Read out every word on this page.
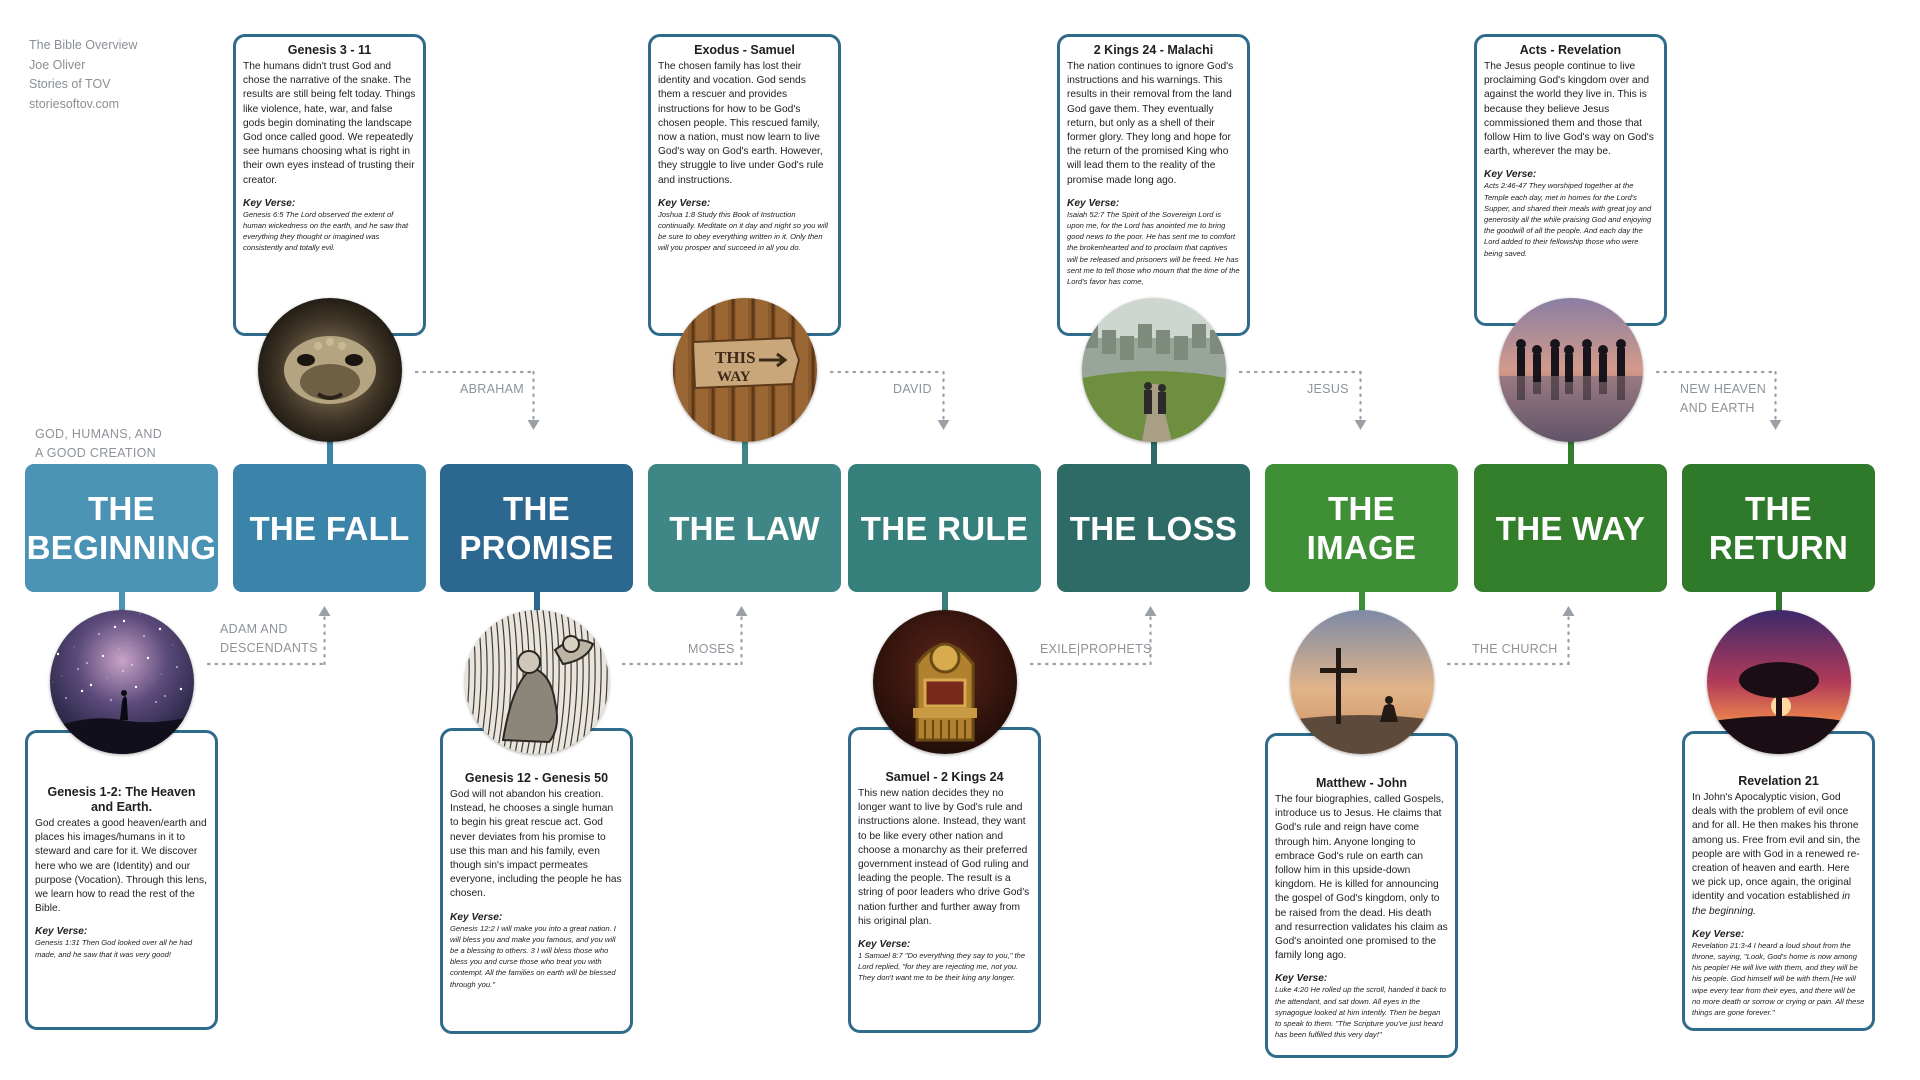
The Bible Overview
Joe Oliver
Stories of TOV
storiesoftov.com
GOD, HUMANS, AND
A GOOD CREATION
THE
BEGINNING
Genesis 1-2: The Heaven and Earth.
God creates a good heaven/earth and places his images/humans in it to steward and care for it. We discover here who we are (Identity) and our purpose (Vocation). Through this lens, we learn how to read the rest of the Bible.
Key Verse:
Genesis 1:31 Then God looked over all he had made, and he saw that it was very good!
THE FALL
Genesis 3 - 11
The humans didn't trust God and chose the narrative of the snake. The results are still being felt today. Things like violence, hate, war, and false gods begin dominating the landscape God once called good. We repeatedly see humans choosing what is right in their own eyes instead of trusting their creator.
Key Verse:
Genesis 6:5 The Lord observed the extent of human wickedness on the earth, and he saw that everything they thought or imagined was consistently and totally evil.
THE
PROMISE
Genesis 12 - Genesis 50
God will not abandon his creation. Instead, he chooses a single human to begin his great rescue act. God never deviates from his promise to use this man and his family, even though sin's impact permeates everyone, including the people he has chosen.
Key Verse:
Genesis 12:2 I will make you into a great nation. I will bless you and make you famous, and you will be a blessing to others. 3 I will bless those who bless you and curse those who treat you with contempt. All the families on earth will be blessed through you."
THE LAW
Exodus - Samuel
The chosen family has lost their identity and vocation. God sends them a rescuer and provides instructions for how to be God's chosen people. This rescued family, now a nation, must now learn to live God's way on God's earth. However, they struggle to live under God's rule and instructions.
Key Verse:
Joshua 1:8 Study this Book of Instruction continually. Meditate on it day and night so you will be sure to obey everything written in it. Only then will you prosper and succeed in all you do.
THIS
WAY
THE RULE
Samuel - 2 Kings 24
This new nation decides they no longer want to live by God's rule and instructions alone. Instead, they want to be like every other nation and choose a monarchy as their preferred government instead of God ruling and leading the people. The result is a string of poor leaders who drive God's nation further and further away from his original plan.
Key Verse:
1 Samuel 8:7 "Do everything they say to you," the Lord replied, "for they are rejecting me, not you. They don't want me to be their king any longer.
THE LOSS
2 Kings 24 - Malachi
The nation continues to ignore God's instructions and his warnings. This results in their removal from the land God gave them. They eventually return, but only as a shell of their former glory. They long and hope for the return of the promised King who will lead them to the reality of the promise made long ago.
Key Verse:
Isaiah 52:7 The Spirit of the Sovereign Lord is upon me, for the Lord has anointed me to bring good news to the poor. He has sent me to comfort the brokenhearted and to proclaim that captives will be released and prisoners will be freed. He has sent me to tell those who mourn that the time of the Lord's favor has come,
THE
IMAGE
Matthew - John
The four biographies, called Gospels, introduce us to Jesus. He claims that God's rule and reign have come through him. Anyone longing to embrace God's rule on earth can follow him in this upside-down kingdom. He is killed for announcing the gospel of God's kingdom, only to be raised from the dead. His death and resurrection validates his claim as God's anointed one promised to the family long ago.
Key Verse:
Luke 4:20 He rolled up the scroll, handed it back to the attendant, and sat down. All eyes in the synagogue looked at him intently. Then he began to speak to them. "The Scripture you've just heard has been fulfilled this very day!"
THE WAY
Acts - Revelation
The Jesus people continue to live proclaiming God's kingdom over and against the world they live in. This is because they believe Jesus commissioned them and those that follow Him to live God's way on God's earth, wherever the may be.
Key Verse:
Acts 2:46-47 They worshiped together at the Temple each day, met in homes for the Lord's Supper, and shared their meals with great joy and generosity all the while praising God and enjoying the goodwill of all the people. And each day the Lord added to their fellowship those who were being saved.
THE
RETURN
Revelation 21
In John's Apocalyptic vision, God deals with the problem of evil once and for all. He then makes his throne among us. Free from evil and sin, the people are with God in a renewed re-creation of heaven and earth. Here we pick up, once again, the original identity and vocation established in the beginning.
Key Verse:
Revelation 21:3-4 I heard a loud shout from the throne, saying, "Look, God's home is now among his people! He will live with them, and they will be his people. God himself will be with them.[He will wipe every tear from their eyes, and there will be no more death or sorrow or crying or pain. All these things are gone forever."
ADAM AND
DESCENDANTS
ABRAHAM
MOSES
DAVID
EXILE|PROPHETS
JESUS
THE CHURCH
NEW HEAVEN
AND EARTH
